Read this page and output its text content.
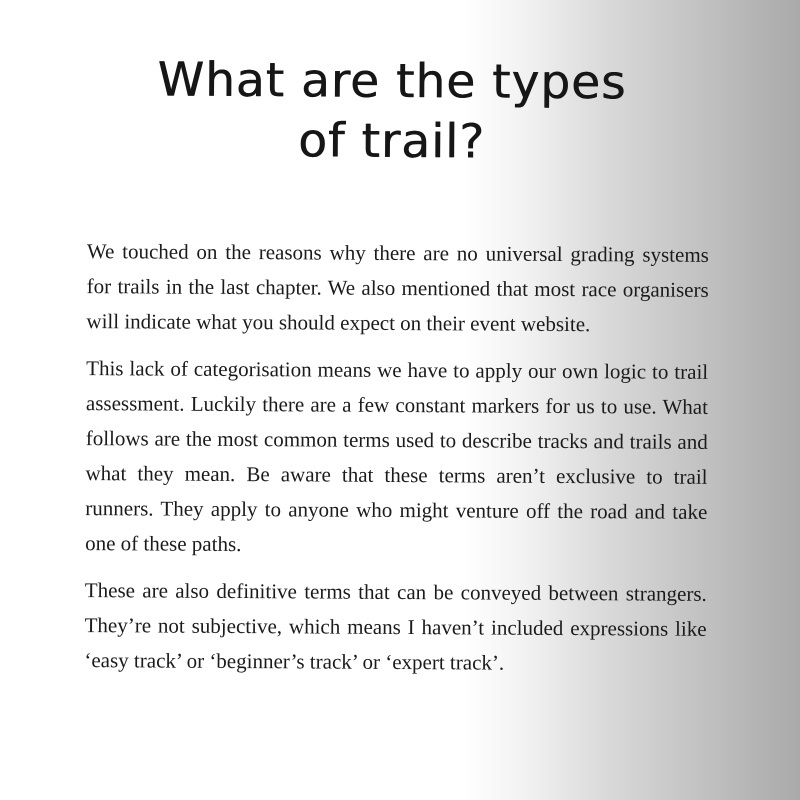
What are the types
of trail?

We touched on the reasons why there are no universal grading systems for trails in the last chapter. We also mentioned that most race organisers will indicate what you should expect on their event website.

This lack of categorisation means we have to apply our own logic to trail assessment. Luckily there are a few constant markers for us to use. What follows are the most common terms used to describe tracks and trails and what they mean. Be aware that these terms aren’t exclusive to trail runners. They apply to anyone who might venture off the road and take one of these paths.

These are also definitive terms that can be conveyed between strangers. They’re not subjective, which means I haven’t included expressions like ‘easy track’ or ‘beginner’s track’ or ‘expert track’.
